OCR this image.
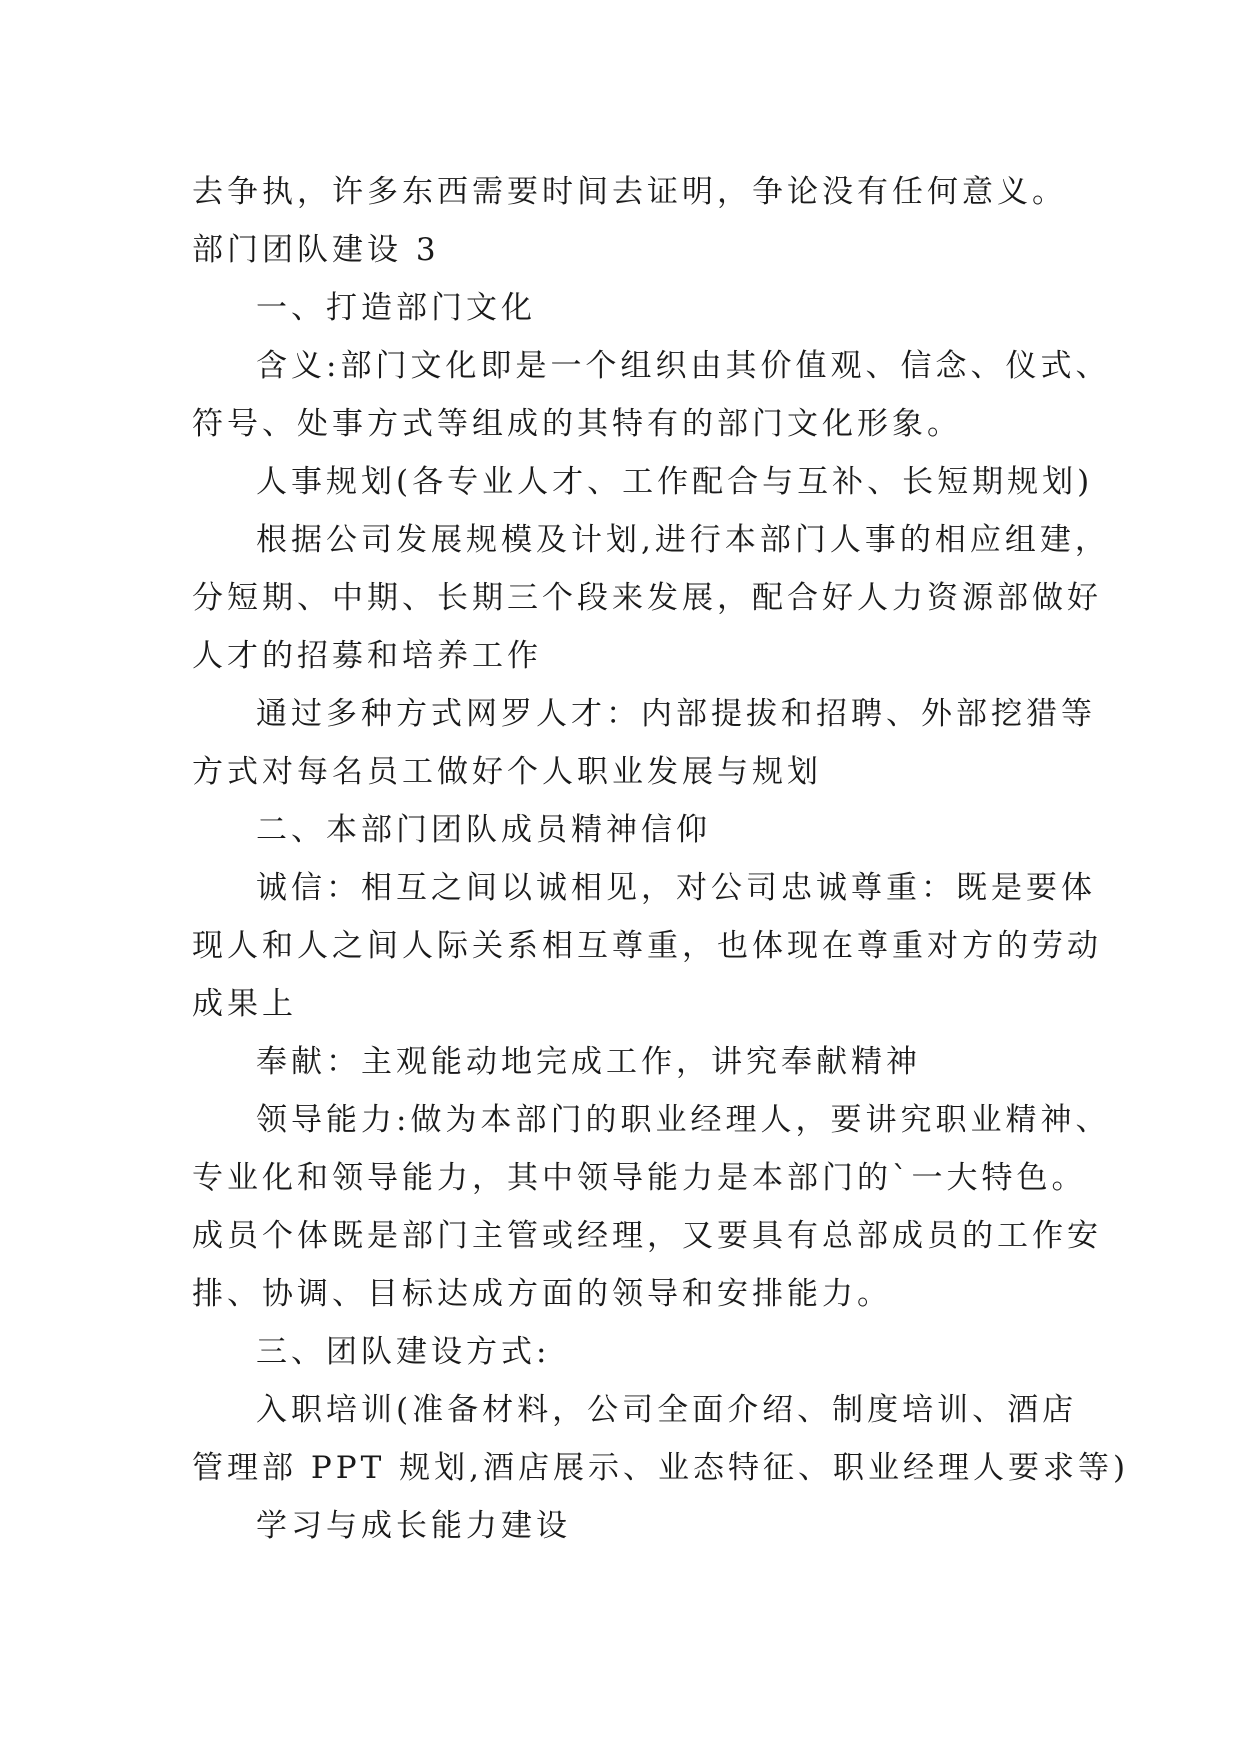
去争执，许多东西需要时间去证明，争论没有任何意义。
部门团队建设 3
一、打造部门文化
含义:部门文化即是一个组织由其价值观、信念、仪式、
符号、处事方式等组成的其特有的部门文化形象。
人事规划(各专业人才、工作配合与互补、长短期规划)
根据公司发展规模及计划,进行本部门人事的相应组建，
分短期、中期、长期三个段来发展，配合好人力资源部做好
人才的招募和培养工作
通过多种方式网罗人才：内部提拔和招聘、外部挖猎等
方式对每名员工做好个人职业发展与规划
二、本部门团队成员精神信仰
诚信：相互之间以诚相见，对公司忠诚尊重：既是要体
现人和人之间人际关系相互尊重，也体现在尊重对方的劳动
成果上
奉献：主观能动地完成工作，讲究奉献精神
领导能力:做为本部门的职业经理人，要讲究职业精神、
专业化和领导能力，其中领导能力是本部门的`一大特色。
成员个体既是部门主管或经理，又要具有总部成员的工作安
排、协调、目标达成方面的领导和安排能力。
三、团队建设方式:
入职培训(准备材料，公司全面介绍、制度培训、酒店
管理部 PPT 规划,酒店展示、业态特征、职业经理人要求等)
学习与成长能力建设
